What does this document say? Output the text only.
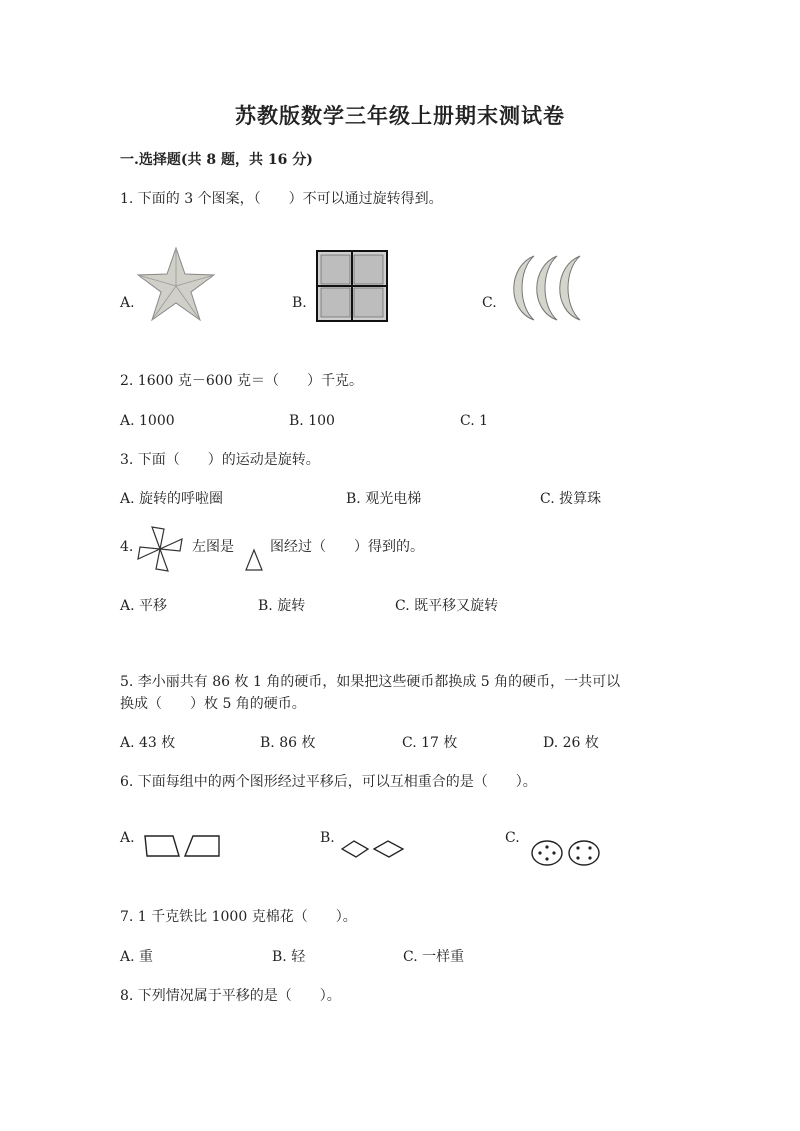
苏教版数学三年级上册期末测试卷
一.选择题(共 8 题，共 16 分)
1. 下面的 3 个图案，（　　）不可以通过旋转得到。
A.	B.	C.
2. 1600 克－600 克＝（　　）千克。
A. 1000	B. 100	C. 1
3. 下面（　　）的运动是旋转。
A. 旋转的呼啦圈	B. 观光电梯	C. 拨算珠
4.	左图是	图经过（　　）得到的。
A. 平移	B. 旋转	C. 既平移又旋转
5. 李小丽共有 86 枚 1 角的硬币，如果把这些硬币都换成 5 角的硬币，一共可以
换成（　　）枚 5 角的硬币。
A. 43 枚	B. 86 枚	C. 17 枚	D. 26 枚
6. 下面每组中的两个图形经过平移后，可以互相重合的是（　　）。
A.	B.	C.
7. 1 千克铁比 1000 克棉花（　　）。
A. 重	B. 轻	C. 一样重
8. 下列情况属于平移的是（　　）。
